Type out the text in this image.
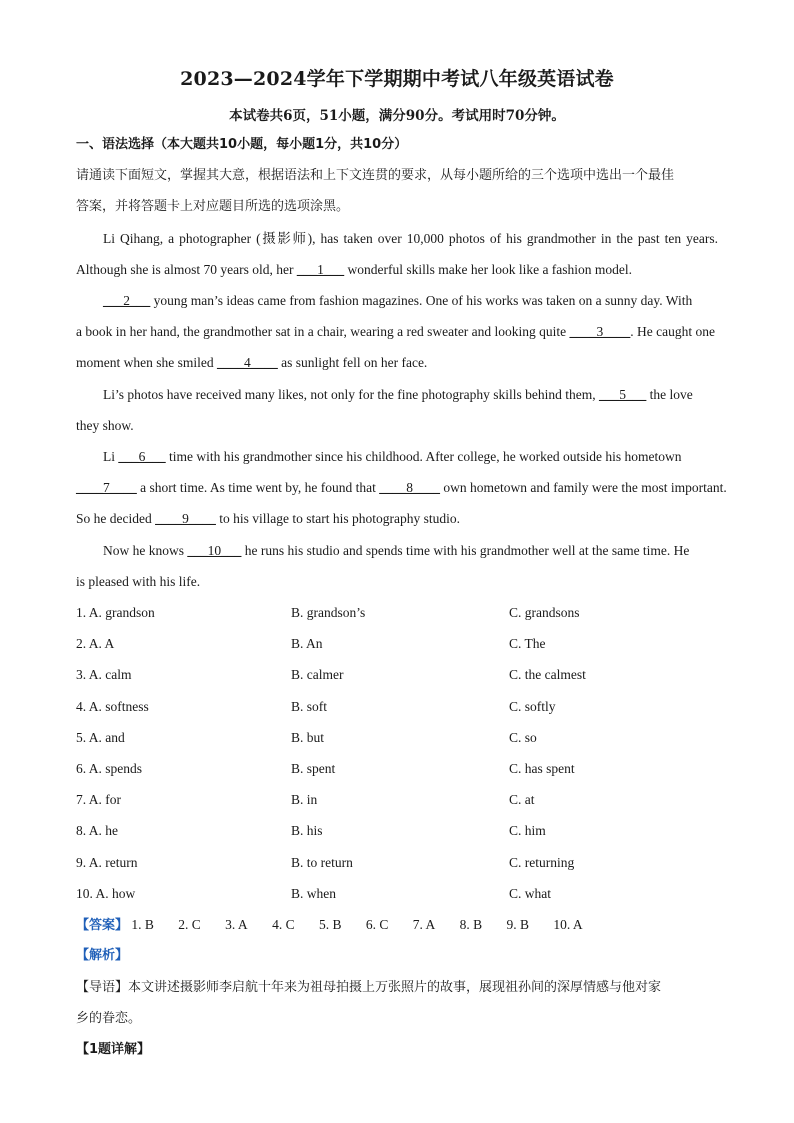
2023—2024学年下学期期中考试八年级英语试卷
本试卷共6页，51小题，满分90分。考试用时70分钟。
一、语法选择（本大题共10小题，每小题1分，共10分）
请通读下面短文，掌握其大意，根据语法和上下文连贯的要求，从每小题所给的三个选项中选出一个最佳
答案，并将答题卡上对应题目所选的选项涂黑。
Li Qihang, a photographer (摄影师), has taken over 10,000 photos of his grandmother in the past ten years.
Although she is almost 70 years old, her ___1___ wonderful skills make her look like a fashion model.
___2___ young man’s ideas came from fashion magazines. One of his works was taken on a sunny day. With
a book in her hand, the grandmother sat in a chair, wearing a red sweater and looking quite ____3____. He caught one
moment when she smiled ____4____ as sunlight fell on her face.
Li’s photos have received many likes, not only for the fine photography skills behind them, ___5___ the love
they show.
Li ___6___ time with his grandmother since his childhood. After college, he worked outside his hometown
____7____ a short time. As time went by, he found that ____8____ own hometown and family were the most important.
So he decided ____9____ to his village to start his photography studio.
Now he knows ___10___ he runs his studio and spends time with his grandmother well at the same time. He
is pleased with his life.
1. A. grandson	B. grandson’s	C. grandsons
2. A. A	B. An	C. The
3. A. calm	B. calmer	C. the calmest
4. A. softness	B. soft	C. softly
5. A. and	B. but	C. so
6. A. spends	B. spent	C. has spent
7. A. for	B. in	C. at
8. A. he	B. his	C. him
9. A. return	B. to return	C. returning
10. A. how	B. when	C. what
【答案】 1. B 2. C 3. A 4. C 5. B 6. C 7. A 8. B 9. B 10. A
【解析】
【导语】本文讲述摄影师李启航十年来为祖母拍摄上万张照片的故事，展现祖孙间的深厚情感与他对家
乡的眷恋。
【1题详解】
